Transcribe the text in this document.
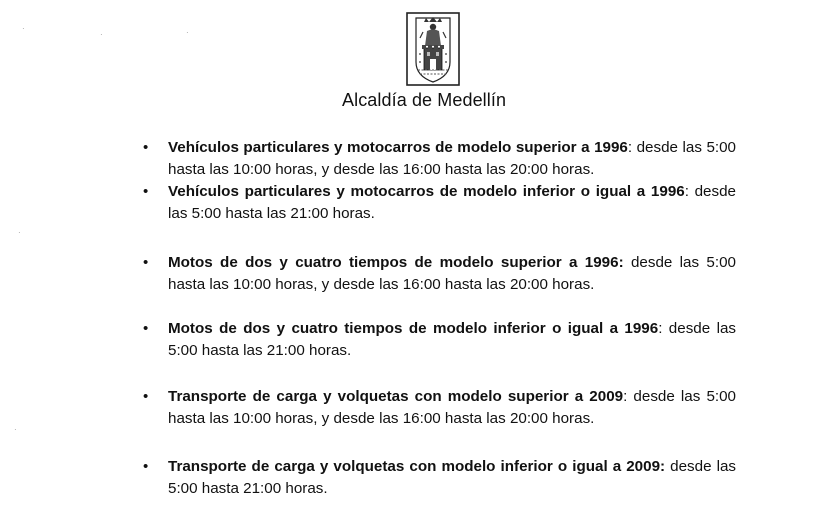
·
·	·
·
·
Alcaldía de Medellín
• Vehículos particulares y motocarros de modelo superior a 1996: desde las 5:00 hasta las 10:00 horas, y desde las 16:00 hasta las 20:00 horas.
• Vehículos particulares y motocarros de modelo inferior o igual a 1996: desde las 5:00 hasta las 21:00 horas.
• Motos de dos y cuatro tiempos de modelo superior a 1996: desde las 5:00 hasta las 10:00 horas, y desde las 16:00 hasta las 20:00 horas.
• Motos de dos y cuatro tiempos de modelo inferior o igual a 1996: desde las 5:00 hasta las 21:00 horas.
• Transporte de carga y volquetas con modelo superior a 2009: desde las 5:00 hasta las 10:00 horas, y desde las 16:00 hasta las 20:00 horas.
• Transporte de carga y volquetas con modelo inferior o igual a 2009: desde las 5:00 hasta 21:00 horas.
